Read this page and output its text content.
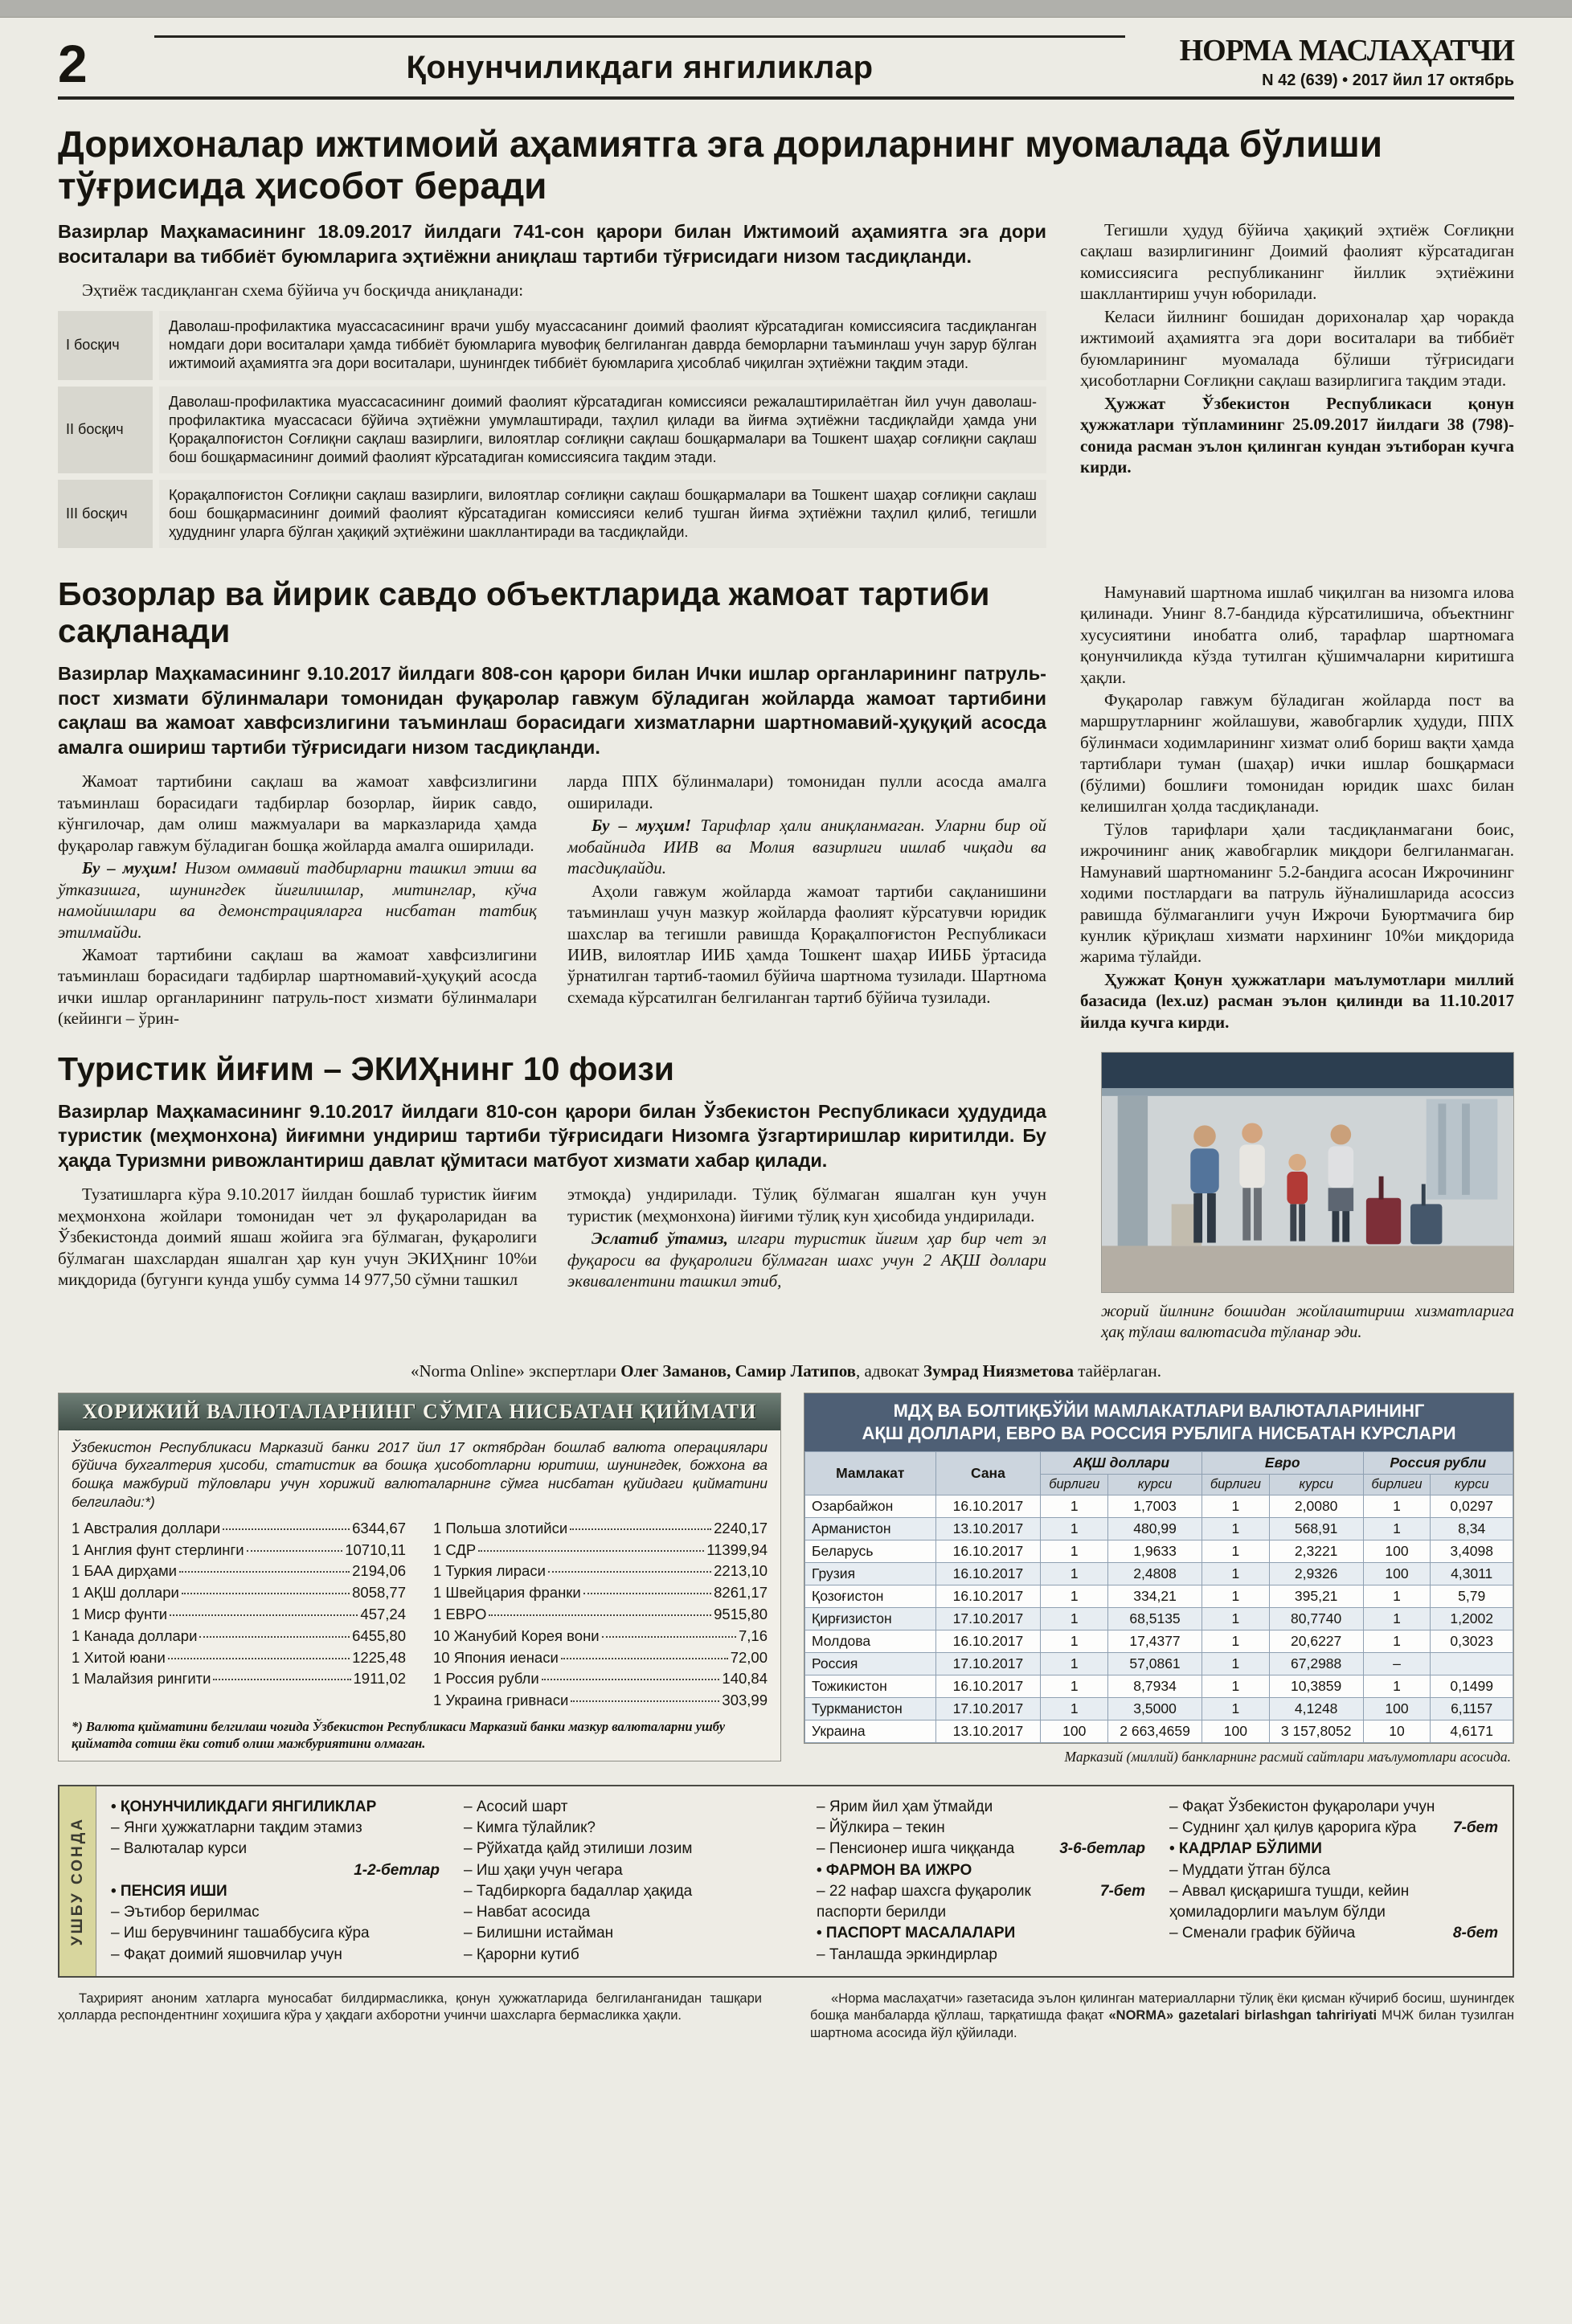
2	Қонунчиликдаги янгиликлар	НОРМА МАСЛАҲАТЧИ
N 42 (639) • 2017 йил 17 октябрь
Дорихоналар ижтимоий аҳамиятга эга дориларнинг муомалада бўлиши тўғрисида ҳисобот беради

Вазирлар Маҳкамасининг 18.09.2017 йилдаги 741-сон қарори билан Ижтимоий аҳамиятга эга дори воситалари ва тиббиёт буюмларига эҳтиёжни аниқлаш тартиби тўғрисидаги низом тасдиқланди.

Эҳтиёж тасдиқланган схема бўйича уч босқичда аниқланади:

I босқич
Даволаш-профилактика муассасасининг врачи ушбу муассасанинг доимий фаолият кўрсатадиган комиссиясига тасдиқланган номдаги дори воситалари ҳамда тиббиёт буюмларига мувофиқ белгиланган даврда беморларни таъминлаш учун зарур бўлган ижтимоий аҳамиятга эга дори воситалари, шунингдек тиббиёт буюмларига ҳисоблаб чиқилган эҳтиёжни тақдим этади.
II босқич
Даволаш-профилактика муассасасининг доимий фаолият кўрсатадиган комиссияси режалаштирилаётган йил учун даволаш-профилактика муассасаси бўйича эҳтиёжни умумлаштиради, таҳлил қилади ва йиғма эҳтиёжни тасдиқлайди ҳамда уни Қорақалпоғистон Соғлиқни сақлаш вазирлиги, вилоятлар соғлиқни сақлаш бошқармалари ва Тошкент шаҳар соғлиқни сақлаш бош бошқармасининг доимий фаолият кўрсатадиган комиссиясига тақдим этади.
III босқич
Қорақалпоғистон Соғлиқни сақлаш вазирлиги, вилоятлар соғлиқни сақлаш бошқармалари ва Тошкент шаҳар соғлиқни сақлаш бош бошқармасининг доимий фаолият кўрсатадиган комиссияси келиб тушган йиғма эҳтиёжни таҳлил қилиб, тегишли ҳудуднинг уларга бўлган ҳақиқий эҳтиёжини шакллантиради ва тасдиқлайди.

Тегишли ҳудуд бўйича ҳақиқий эҳтиёж Соғлиқни сақлаш вазирлигининг Доимий фаолият кўрсатадиган комиссиясига республиканинг йиллик эҳтиёжини шакллантириш учун юборилади.

Келаси йилнинг бошидан дорихоналар ҳар чоракда ижтимоий аҳамиятга эга дори воситалари ва тиббиёт буюмларининг муомалада бўлиши тўғрисидаги ҳисоботларни Соғлиқни сақлаш вазирлигига тақдим этади.

Ҳужжат Ўзбекистон Республикаси қонун ҳужжатлари тўпламининг 25.09.2017 йилдаги 38 (798)-сонида расман эълон қилинган кундан эътиборан кучга кирди.

Бозорлар ва йирик савдо объектларида жамоат тартиби сақланади

Вазирлар Маҳкамасининг 9.10.2017 йилдаги 808-сон қарори билан Ички ишлар органларининг патруль-пост хизмати бўлинмалари томонидан фуқаролар гавжум бўладиган жойларда жамоат тартибини сақлаш ва жамоат хавфсизлигини таъминлаш борасидаги хизматларни шартномавий-ҳуқуқий асосда амалга ошириш тартиби тўғрисидаги низом тасдиқланди.

Жамоат тартибини сақлаш ва жамоат хавфсизлигини таъминлаш борасидаги тадбирлар бозорлар, йирик савдо, кўнгилочар, дам олиш мажмуалари ва марказларида ҳамда фуқаролар гавжум бўладиган бошқа жойларда амалга оширилади.

Бу – муҳим! Низом оммавий тадбирларни ташкил этиш ва ўтказишга, шунингдек йиғилишлар, митинглар, кўча намойишлари ва демонстрацияларга нисбатан татбиқ этилмайди.

Жамоат тартибини сақлаш ва жамоат хавфсизлигини таъминлаш борасидаги тадбирлар шартномавий-ҳуқуқий асосда ички ишлар органларининг патруль-пост хизмати бўлинмалари (кейинги – ўрин-

ларда ППХ бўлинмалари) томонидан пулли асосда амалга оширилади.

Бу – муҳим! Тарифлар ҳали аниқланмаган. Уларни бир ой мобайнида ИИВ ва Молия вазирлиги ишлаб чиқади ва тасдиқлайди.

Аҳоли гавжум жойларда жамоат тартиби сақланишини таъминлаш учун мазкур жойларда фаолият кўрсатувчи юридик шахслар ва тегишли равишда Қорақалпоғистон Республикаси ИИВ, вилоятлар ИИБ ҳамда Тошкент шаҳар ИИББ ўртасида ўрнатилган тартиб-таомил бўйича шартнома тузилади. Шартнома схемада кўрсатилган белгиланган тартиб бўйича тузилади.

Туристик йиғим – ЭКИҲнинг 10 фоизи

Вазирлар Маҳкамасининг 9.10.2017 йилдаги 810-сон қарори билан Ўзбекистон Республикаси ҳудудида туристик (меҳмонхона) йиғимни ундириш тартиби тўғрисидаги Низомга ўзгартиришлар киритилди. Бу ҳақда Туризмни ривожлантириш давлат қўмитаси матбуот хизмати хабар қилади.

Тузатишларга кўра 9.10.2017 йилдан бошлаб туристик йиғим меҳмонхона жойлари томонидан чет эл фуқароларидан ва Ўзбекистонда доимий яшаш жойига эга бўлмаган, фуқаролиги бўлмаган шахслардан яшалган ҳар кун учун ЭКИҲнинг 10%и миқдорида (бугунги кунда ушбу сумма 14 977,50 сўмни ташкил

этмоқда) ундирилади. Тўлиқ бўлмаган яшалган кун учун туристик (меҳмонхона) йиғими тўлиқ кун ҳисобида ундирилади.

Эслатиб ўтамиз, илгари туристик йиғим ҳар бир чет эл фуқароси ва фуқаролиги бўлмаган шахс учун 2 АҚШ доллари эквивалентини ташкил этиб,

Намунавий шартнома ишлаб чиқилган ва низомга илова қилинади. Унинг 8.7-бандида кўрсатилишича, объектнинг хусусиятини инобатга олиб, тарафлар шартномага қонунчиликда кўзда тутилган қўшимчаларни киритишга ҳақли.

Фуқаролар гавжум бўладиган жойларда пост ва маршрутларнинг жойлашуви, жавобгарлик ҳудуди, ППХ бўлинмаси ходимларининг хизмат олиб бориш вақти ҳамда тартиблари туман (шаҳар) ички ишлар бошқармаси (бўлими) бошлиғи томонидан юридик шахс билан келишилган ҳолда тасдиқланади.

Тўлов тарифлари ҳали тасдиқланмагани боис, ижрочининг аниқ жавобгарлик миқдори белгиланмаган. Намунавий шартноманинг 5.2-бандига асосан Ижрочининг ходими постлардаги ва патруль йўналишларида асоссиз равишда бўлмаганлиги учун Ижрочи Буюртмачига бир кунлик қўриқлаш хизмати нархининг 10%и миқдорида жарима тўлайди.

Ҳужжат Қонун ҳужжатлари маълумотлари миллий базасида (lex.uz) расман эълон қилинди ва 11.10.2017 йилда кучга кирди.

жорий йилнинг бошидан жойлаштириш хизматларига ҳақ тўлаш валютасида тўланар эди.

«Norma Online» экспертлари Олег Заманов, Самир Латипов, адвокат Зумрад Ниязметова тайёрлаган.

ХОРИЖИЙ ВАЛЮТАЛАРНИНГ СЎМГА НИСБАТАН ҚИЙМАТИ

Ўзбекистон Республикаси Марказий банки 2017 йил 17 октябрдан бошлаб валюта операциялари бўйича бухгалтерия ҳисоби, статистик ва бошқа ҳисоботларни юритиш, шунингдек, божхона ва бошқа мажбурий тўловлари учун хорижий валюталарнинг сўмга нисбатан қуйидаги қийматини белгилади:*)

1 Австралия доллари	6344,67
1 Англия фунт стерлинги	10710,11
1 БАА дирҳами	2194,06
1 АҚШ доллари	8058,77
1 Миср фунти	457,24
1 Канада доллари	6455,80
1 Хитой юани	1225,48
1 Малайзия рингити	1911,02
1 Польша злотийси	2240,17
1 СДР	11399,94
1 Туркия лираси	2213,10
1 Швейцария франки	8261,17
1 ЕВРО	9515,80
10 Жанубий Корея вони	7,16
10 Япония иенаси	72,00
1 Россия рубли	140,84
1 Украина гривнаси	303,99

*) Валюта қийматини белгилаш чоғида Ўзбекистон Республикаси Марказий банки мазкур валюталарни ушбу қийматда сотиш ёки сотиб олиш мажбуриятини олмаган.

МДҲ ВА БОЛТИҚБЎЙИ МАМЛАКАТЛАРИ ВАЛЮТАЛАРИНИНГ
АҚШ ДОЛЛАРИ, ЕВРО ВА РОССИЯ РУБЛИГА НИСБАТАН КУРСЛАРИ
Мамлакат	Сана	АҚШ доллари		Евро		Россия рубли	
		бирлиги	курси	бирлиги	курси	бирлиги	курси
Озарбайжон	16.10.2017	1	1,7003	1	2,0080	1	0,0297
Арманистон	13.10.2017	1	480,99	1	568,91	1	8,34
Беларусь	16.10.2017	1	1,9633	1	2,3221	100	3,4098
Грузия	16.10.2017	1	2,4808	1	2,9326	100	4,3011
Қозоғистон	16.10.2017	1	334,21	1	395,21	1	5,79
Қирғизистон	17.10.2017	1	68,5135	1	80,7740	1	1,2002
Молдова	16.10.2017	1	17,4377	1	20,6227	1	0,3023
Россия	17.10.2017	1	57,0861	1	67,2988	–	
Тожикистон	16.10.2017	1	8,7934	1	10,3859	1	0,1499
Туркманистон	17.10.2017	1	3,5000	1	4,1248	100	6,1157
Украина	13.10.2017	100	2 663,4659	100	3 157,8052	10	4,6171

Марказий (миллий) банкларнинг расмий сайтлари маълумотлари асосида.

УШБУ СОНДА
• ҚОНУНЧИЛИКДАГИ ЯНГИЛИКЛАР
– Янги ҳужжатларни тақдим этамиз
– Валюталар курси
1-2-бетлар
• ПЕНСИЯ ИШИ
– Эътибор берилмас
– Иш берувчининг ташаббусига кўра
– Фақат доимий яшовчилар учун
– Асосий шарт
– Кимга тўлайлик?
– Рўйхатда қайд этилиши лозим
– Иш ҳақи учун чегара
– Тадбиркорга бадаллар ҳақида
– Навбат асосида
– Билишни истайман
– Қарорни кутиб
– Ярим йил ҳам ўтмайди
– Йўлкира – текин
– Пенсионер ишга чиққанда	3-6-бетлар
• ФАРМОН ВА ИЖРО
– 22 нафар шахсга фуқаролик паспорти берилди
7-бет
• ПАСПОРТ МАСАЛАЛАРИ
– Танлашда эркиндирлар
– Фақат Ўзбекистон фуқаролари учун
– Суднинг ҳал қилув қарорига кўра 7-бет
• КАДРЛАР БЎЛИМИ
– Муддати ўтган бўлса
– Аввал қисқаришга тушди, кейин ҳомиладорлиги маълум бўлди
– Сменали график бўйича	8-бет
Таҳририят аноним хатларга муносабат билдирмасликка, қонун ҳужжатларида белгиланганидан ташқари ҳолларда респондентнинг хоҳишига кўра у ҳақдаги ахборотни учинчи шахсларга бермасликка ҳақли.
«Норма маслаҳатчи» газетасида эълон қилинган материалларни тўлиқ ёки қисман кўчириб босиш, шунингдек бошқа манбаларда қўллаш, тарқатишда фақат «NORMA» gazetalari birlashgan tahririyati МЧЖ билан тузилган шартнома асосида йўл қўйилади.
